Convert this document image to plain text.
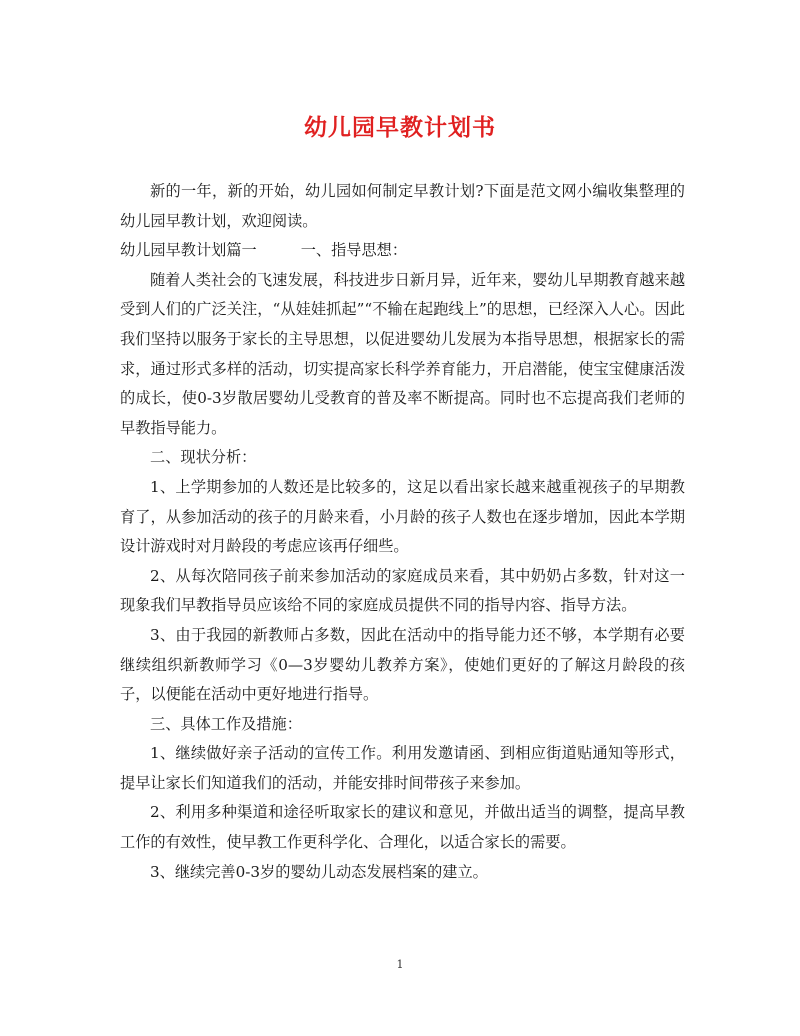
幼儿园早教计划书

新的一年，新的开始，幼儿园如何制定早教计划?下面是范文网小编收集整理的幼儿园早教计划，欢迎阅读。

幼儿园早教计划篇一	一、指导思想：

随着人类社会的飞速发展，科技进步日新月异，近年来，婴幼儿早期教育越来越受到人们的广泛关注，“从娃娃抓起”“不输在起跑线上”的思想，已经深入人心。因此我们坚持以服务于家长的主导思想，以促进婴幼儿发展为本指导思想，根据家长的需求，通过形式多样的活动，切实提高家长科学养育能力，开启潜能，使宝宝健康活泼的成长，使0-3岁散居婴幼儿受教育的普及率不断提高。同时也不忘提高我们老师的早教指导能力。

二、现状分析：

1、上学期参加的人数还是比较多的，这足以看出家长越来越重视孩子的早期教育了，从参加活动的孩子的月龄来看，小月龄的孩子人数也在逐步增加，因此本学期设计游戏时对月龄段的考虑应该再仔细些。

2、从每次陪同孩子前来参加活动的家庭成员来看，其中奶奶占多数，针对这一现象我们早教指导员应该给不同的家庭成员提供不同的指导内容、指导方法。

3、由于我园的新教师占多数，因此在活动中的指导能力还不够，本学期有必要继续组织新教师学习《0—3岁婴幼儿教养方案》，使她们更好的了解这月龄段的孩子，以便能在活动中更好地进行指导。

三、具体工作及措施：

1、继续做好亲子活动的宣传工作。利用发邀请函、到相应街道贴通知等形式，提早让家长们知道我们的活动，并能安排时间带孩子来参加。

2、利用多种渠道和途径听取家长的建议和意见，并做出适当的调整，提高早教工作的有效性，使早教工作更科学化、合理化，以适合家长的需要。

3、继续完善0-3岁的婴幼儿动态发展档案的建立。

1
